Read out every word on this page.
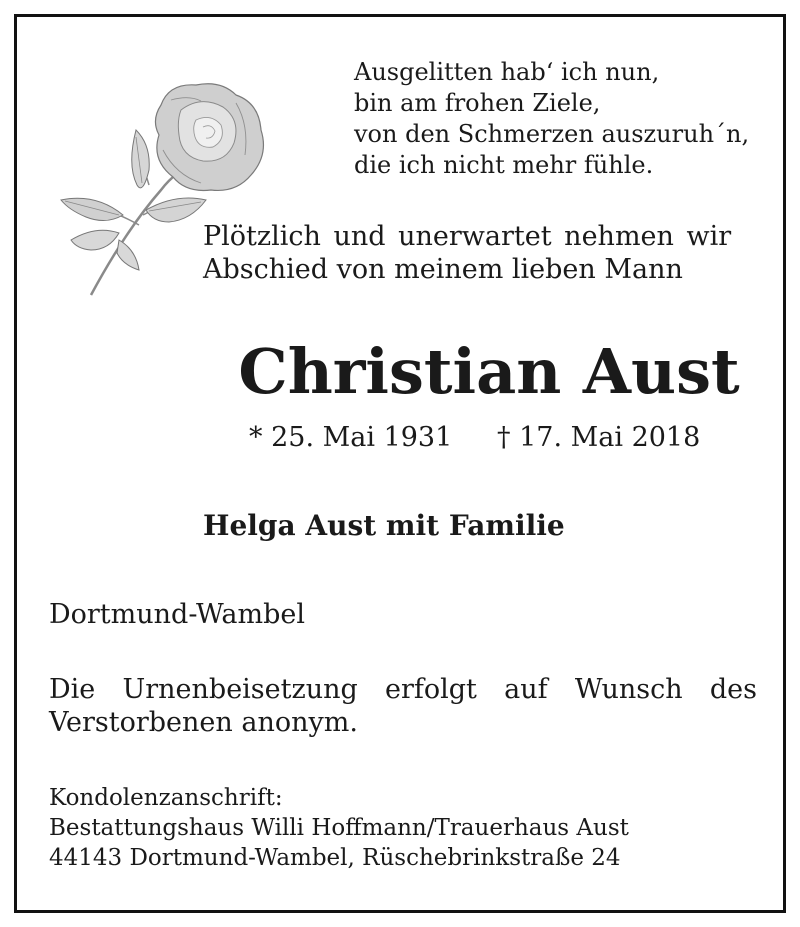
Ausgelitten hab‘ ich nun,
bin am frohen Ziele,
von den Schmerzen auszuruh´n,
die ich nicht mehr fühle.
Plötzlich und unerwartet nehmen wir
Abschied von meinem lieben Mann
Christian Aust
* 25. Mai 1931 † 17. Mai 2018
Helga Aust mit Familie
Dortmund-Wambel
Die Urnenbeisetzung erfolgt auf Wunsch des
Verstorbenen anonym.
Kondolenzanschrift:
Bestattungshaus Willi Hoffmann/Trauerhaus Aust
44143 Dortmund-Wambel, Rüschebrinkstraße 24
